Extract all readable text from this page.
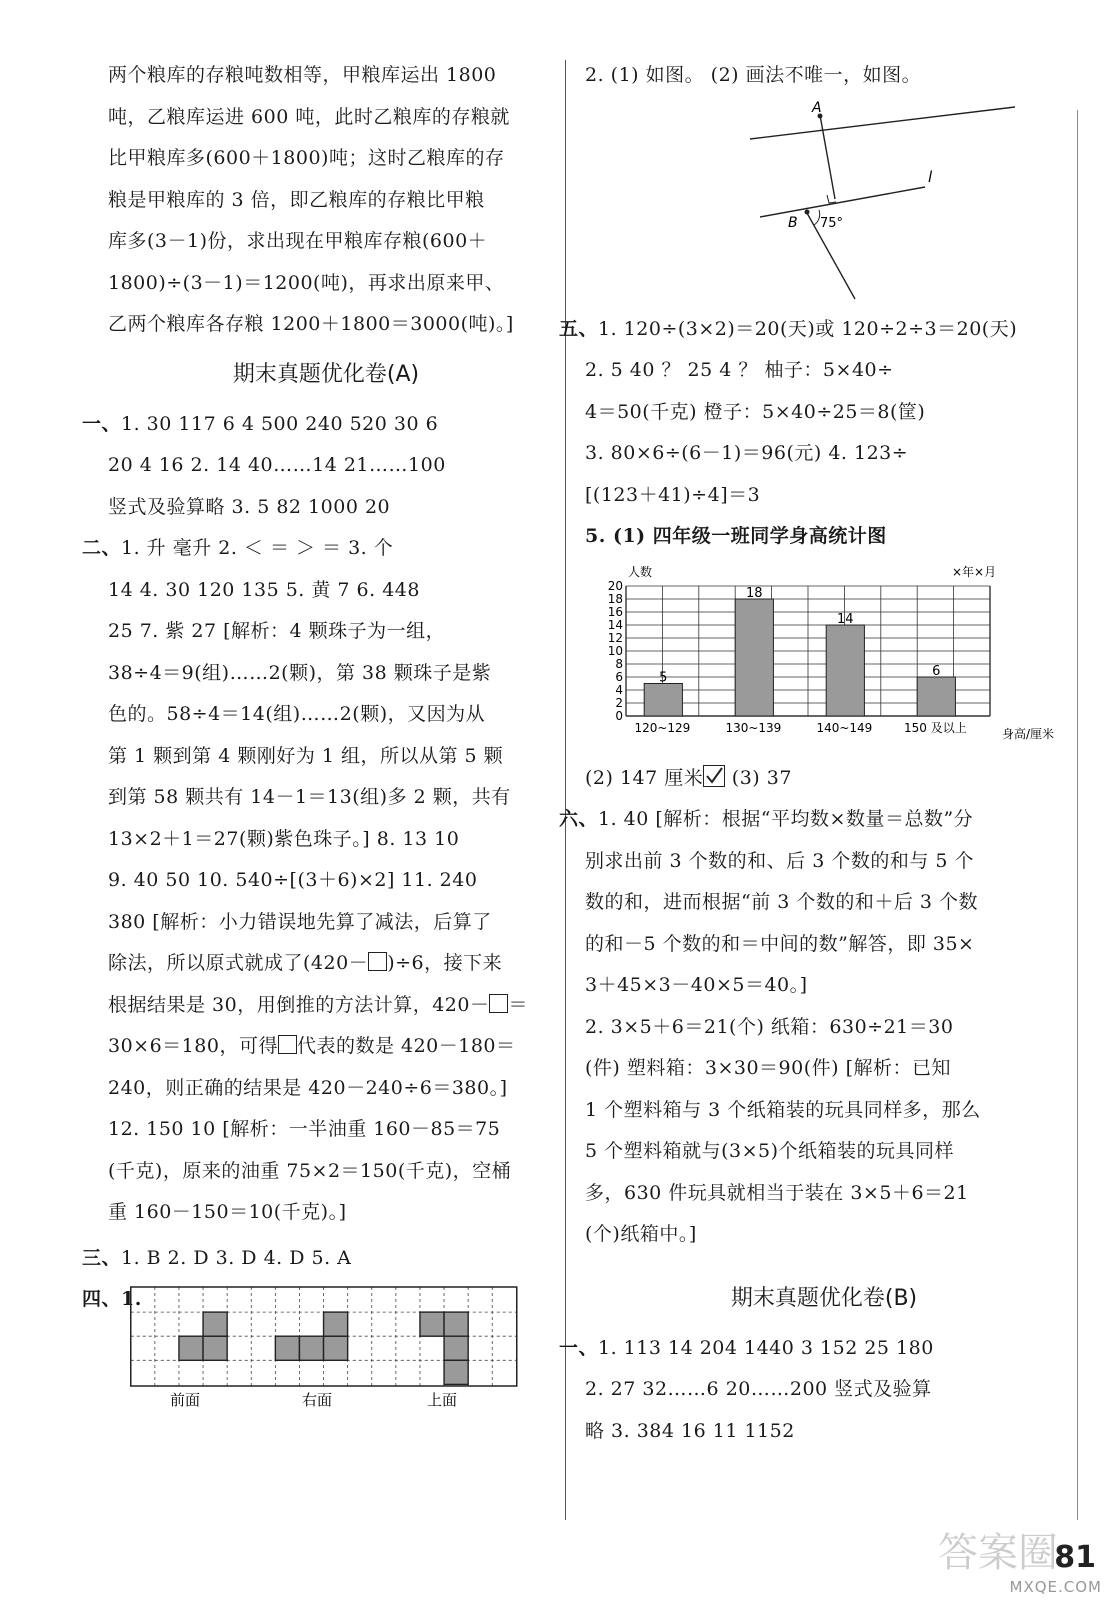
两个粮库的存粮吨数相等，甲粮库运出 1800
吨，乙粮库运进 600 吨，此时乙粮库的存粮就
比甲粮库多(600＋1800)吨；这时乙粮库的存
粮是甲粮库的 3 倍，即乙粮库的存粮比甲粮
库多(3－1)份，求出现在甲粮库存粮(600＋
1800)÷(3－1)＝1200(吨)，再求出原来甲、
乙两个粮库各存粮 1200＋1800＝3000(吨)。]
期末真题优化卷(A)
一、1. 30 117 6 4 500 240 520 30 6
20 4 16 2. 14 40……14 21……100
竖式及验算略 3. 5 82 1000 20
二、1. 升 毫升 2. ＜ ＝ ＞ ＝ 3. 个
14 4. 30 120 135 5. 黄 7 6. 448
25 7. 紫 27 [解析：4 颗珠子为一组，
38÷4＝9(组)……2(颗)，第 38 颗珠子是紫
色的。58÷4＝14(组)……2(颗)，又因为从
第 1 颗到第 4 颗刚好为 1 组，所以从第 5 颗
到第 58 颗共有 14－1＝13(组)多 2 颗，共有
13×2＋1＝27(颗)紫色珠子。] 8. 13 10
9. 40 50 10. 540÷[(3＋6)×2] 11. 240
380 [解析：小力错误地先算了减法，后算了
除法，所以原式就成了(420－ )÷6，接下来
根据结果是 30，用倒推的方法计算，420－ ＝
30×6＝180，可得 代表的数是 420－180＝
240，则正确的结果是 420－240÷6＝380。]
12. 150 10 [解析：一半油重 160－85＝75
(千克)，原来的油重 75×2＝150(千克)，空桶
重 160－150＝10(千克)。]
三、1. B 2. D 3. D 4. D 5. A
四、1.
前面	右面	上面
2. (1) 如图。 (2) 画法不唯一，如图。
A
B
l
75°
五、1. 120÷(3×2)＝20(天)或 120÷2÷3＝20(天)
2. 5 40 ？ 25 4 ？ 柚子：5×40÷
4＝50(千克) 橙子：5×40÷25＝8(筐)
3. 80×6÷(6－1)＝96(元) 4. 123÷
[(123＋41)÷4]＝3
5. (1) 四年级一班同学身高统计图
0
2
4
6
8
10
12
14
16
18
20
5
120~129
18
130~139
14
140~149
6
150 及以上
人数	×年×月
身高/厘米
(2) 147 厘米
(3) 37
六、1. 40 [解析：根据“平均数×数量＝总数”分
别求出前 3 个数的和、后 3 个数的和与 5 个
数的和，进而根据“前 3 个数的和＋后 3 个数
的和－5 个数的和＝中间的数”解答，即 35×
3＋45×3－40×5＝40。]
2. 3×5＋6＝21(个) 纸箱：630÷21＝30
(件) 塑料箱：3×30＝90(件) [解析：已知
1 个塑料箱与 3 个纸箱装的玩具同样多，那么
5 个塑料箱就与(3×5)个纸箱装的玩具同样
多，630 件玩具就相当于装在 3×5＋6＝21
(个)纸箱中。]
期末真题优化卷(B)
一、1. 113 14 204 1440 3 152 25 180
2. 27 32……6 20……200 竖式及验算
略 3. 384 16 11 1152
答案圈
81
MXQE.COM
